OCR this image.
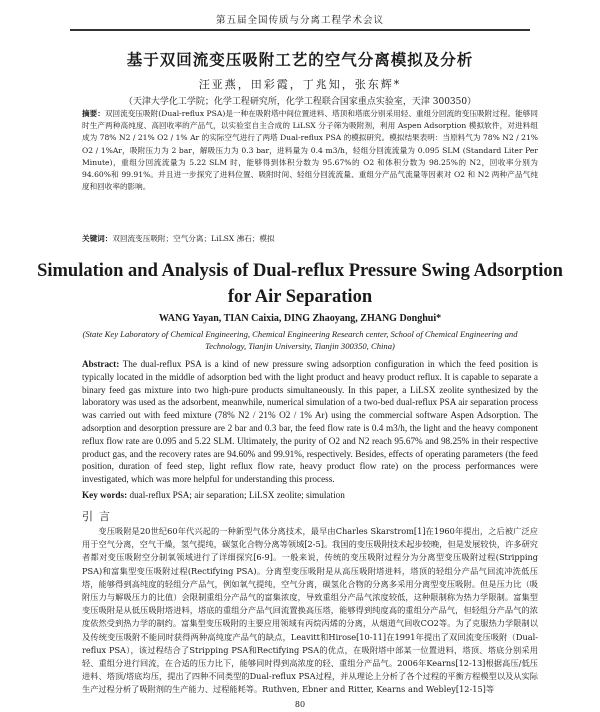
第五届全国传质与分离工程学术会议
基于双回流变压吸附工艺的空气分离模拟及分析
汪亚燕，田彩霞，丁兆知，张东辉*
（天津大学化工学院；化学工程研究所，化学工程联合国家重点实验室，天津 300350）
摘要：双回流变压吸附(Dual-reflux PSA)是一种在吸附塔中间位置进料、塔顶和塔底分别采用轻、重组分回流的变压吸附过程。能够同时生产两种高纯度、高回收率的产品气，以实验室自主合成的 LiLSX 分子筛为吸附剂，利用 Aspen Adsorption 模拟软件，对进料组成为 78% N2 / 21% O2 / 1% Ar 的实际空气进行了两塔 Dual-reflux PSA 的模拟研究。模拟结果表明：当原料气为 78% N2 / 21% O2 / 1%Ar，吸附压力为 2 bar，解吸压力为 0.3 bar，进料量为 0.4 m3/h，轻组分回流流量为 0.095 SLM (Standard Liter Per Minute)，重组分回流流量为 5.22 SLM 时，能够得到体积分数为 95.67%的 O2 和体积分数为 98.25%的 N2，回收率分别为 94.60%和 99.91%。并且进一步探究了进料位置、吸附时间、轻组分回流流量、重组分产品气流量等因素对 O2 和 N2 两种产品气纯度和回收率的影响。
关键词：双回流变压吸附；空气分离；LiLSX 沸石；模拟
Simulation and Analysis of Dual-reflux Pressure Swing Adsorption for Air Separation
WANG Yayan, TIAN Caixia, DING Zhaoyang, ZHANG Donghui*
(State Key Laboratory of Chemical Engineering, Chemical Engineering Research center, School of Chemical Engineering and Technology, Tianjin University, Tianjin 300350, China)
Abstract: The dual-reflux PSA is a kind of new pressure swing adsorption configuration in which the feed position is typically located in the middle of adsorption bed with the light product and heavy product reflux. It is capable to separate a binary feed gas mixture into two high-pure products simultaneously. In this paper, a LiLSX zeolite synthesized by the laboratory was used as the adsorbent, meanwhile, numerical simulation of a two-bed dual-reflux PSA air separation process was carried out with feed mixture (78% N2 / 21% O2 / 1% Ar) using the commercial software Aspen Adsorption. The adsorption and desorption pressure are 2 bar and 0.3 bar, the feed flow rate is 0.4 m3/h, the light and the heavy component reflux flow rate are 0.095 and 5.22 SLM. Ultimately, the purity of O2 and N2 reach 95.67% and 98.25% in their respective product gas, and the recovery rates are 94.60% and 99.91%, respectively. Besides, effects of operating parameters (the feed position, duration of feed step, light reflux flow rate, heavy product flow rate) on the process performances were investigated, which was more helpful for understanding this process.
Key words: dual-reflux PSA; air separation; LiLSX zeolite; simulation
引言

变压吸附是20世纪60年代兴起的一种新型气体分离技术，最早由Charles Skarstrom[1]在1960年提出，之后被广泛应用于空气分离，空气干燥，氢气提纯，碳氢化合物分离等领域[2-5]。我国的变压吸附技术起步较晚，但是发展较快，许多研究者都对变压吸附空分制氧领域进行了详细探究[6-9]。一般来说，传统的变压吸附过程分为分离型变压吸附过程(Stripping PSA)和富集型变压吸附过程(Rectifying PSA)。分离型变压吸附是从高压吸附塔进料，塔顶的轻组分产品气回流冲洗低压塔，能够得到高纯度的轻组分产品气，例如氧气提纯，空气分离，碳氢化合物的分离多采用分离型变压吸附。但是压力比（吸附压力与解吸压力的比值）会限制重组分产品气的富集浓度，导致重组分产品气浓度较低，这种限制称为热力学限制。富集型变压吸附是从低压吸附塔进料，塔底的重组分产品气回流置换高压塔，能够得到纯度高的重组分产品气，但轻组分产品气的浓度依然受到热力学的制约。富集型变压吸附的主要应用领域有丙烷丙烯的分离，从烟道气回收CO2等。为了克服热力学限制以及传统变压吸附不能同时获得两种高纯度产品气的缺点，Leavitt和Hirose[10-11]在1991年提出了双回流变压吸附（Dual-reflux PSA），该过程结合了Stripping PSA和Rectifying PSA的优点，在吸附塔中部某一位置进料，塔顶、塔底分别采用轻、重组分进行回流，在合适的压力比下，能够同时得到高浓度的轻、重组分产品气。2006年Kearns[12-13]根据高压/低压进料、塔顶/塔底均压，提出了四种不同类型的Dual-reflux PSA过程，并从理论上分析了各个过程的平衡方程模型以及从实际生产过程分析了吸附剂的生产能力、过程能耗等。Ruthven, Ebner and Ritter, Kearns and Webley[12-15]等

80
